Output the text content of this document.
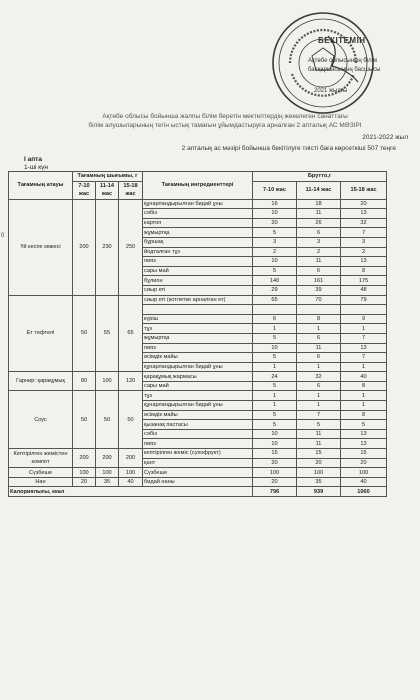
БЕКІТЕМІН
Ақтөбе облысының білім
басқармасының басшысы
2021 жылғы
Ақтөбе облысы бойынша жалпы білім беретін мектептердің жекелеген санаттағы
білім алушыларының тегін ыстық тамағын ұйымдастыруға арналған 2 апталық АС МӘЗІРІ
2021-2022 жыл
2 апталық ас мәзірі бойынша бекітілуге тиісті баға көрсеткіші 507 теңге
I апта
1-ші күн
0
Тағамның атауы	Тағамның шығымы, г			Тағамның ингредиенттері	Брутто,г		
	7-10 жас	11-14 жас	15-18 жас		7-10 жас	11-14 жас	15-18 жас
Үй кеспе көжесі	200	230	250	құнарландырылған бидай ұны	16	18	20
				сәбіз	10	11	13
				картоп	20	26	32
				жұмыртқа	5	6	7
				бұршақ	3	3	3
				йодталған тұз	2	2	2
				пияз	10	11	13
				сары май	5	6	8
				бұлион	140	161	175
				сиыр еті	29	39	48
Ет тефтелі	50	55	65	сиыр еті (котлетке арналған ет)	65	70	79

				күріш	6	8	9
				тұз	1	1	1
				жұмыртқа	5	6	7
				пияз	10	11	13
				өсімдік майы	5	6	7
				құнарландырылған бидай ұны	1	1	1
Гарнир: қарақұмық	80	100	120	қарақұмық жармасы	24	32	40
				сары май	5	6	8
Соус	50	50	50	тұз	1	1	1
				құнарландырылған бидай ұны	1	1	1
				өсімдік майы	5	7	8
				қызанақ пастасы	5	5	5
				сәбіз	10	11	13
				пияз	10	11	13
Кептірілген жемістен компот	200	200	200	кептірілген жеміс (сухофрукт)	15	15	15
				қант	20	20	20
Сүзбеше	100	100	100	Сүзбеше	100	100	100
Нан	20	35	40	бидай наны	20	35	40
Калориялығы, ккал					796	939	1060
